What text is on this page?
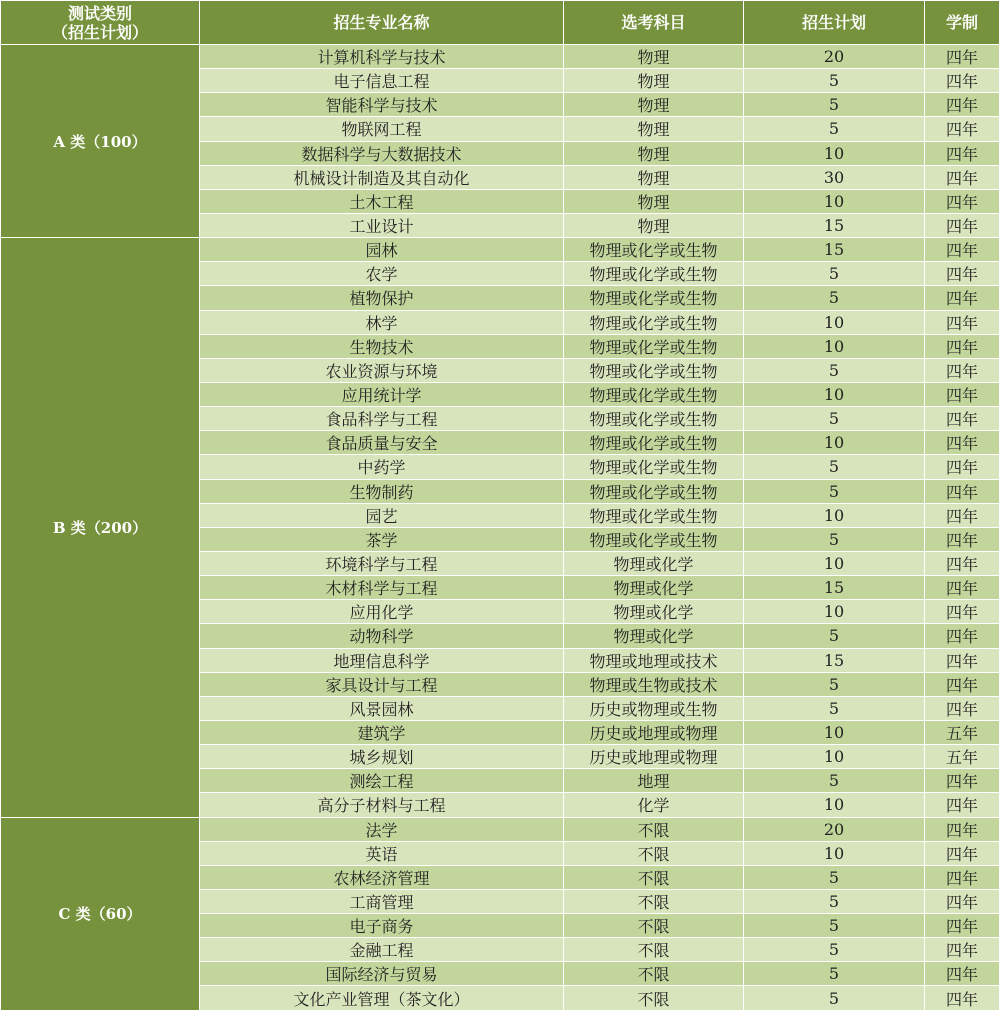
测试类别
（招生计划）	招生专业名称	选考科目	招生计划	学制
A 类（100）	计算机科学与技术	物理	20	四年
	电子信息工程	物理	5	四年
	智能科学与技术	物理	5	四年
	物联网工程	物理	5	四年
	数据科学与大数据技术	物理	10	四年
	机械设计制造及其自动化	物理	30	四年
	土木工程	物理	10	四年
	工业设计	物理	15	四年
B 类（200）	园林	物理或化学或生物	15	四年
	农学	物理或化学或生物	5	四年
	植物保护	物理或化学或生物	5	四年
	林学	物理或化学或生物	10	四年
	生物技术	物理或化学或生物	10	四年
	农业资源与环境	物理或化学或生物	5	四年
	应用统计学	物理或化学或生物	10	四年
	食品科学与工程	物理或化学或生物	5	四年
	食品质量与安全	物理或化学或生物	10	四年
	中药学	物理或化学或生物	5	四年
	生物制药	物理或化学或生物	5	四年
	园艺	物理或化学或生物	10	四年
	茶学	物理或化学或生物	5	四年
	环境科学与工程	物理或化学	10	四年
	木材科学与工程	物理或化学	15	四年
	应用化学	物理或化学	10	四年
	动物科学	物理或化学	5	四年
	地理信息科学	物理或地理或技术	15	四年
	家具设计与工程	物理或生物或技术	5	四年
	风景园林	历史或物理或生物	5	四年
	建筑学	历史或地理或物理	10	五年
	城乡规划	历史或地理或物理	10	五年
	测绘工程	地理	5	四年
	高分子材料与工程	化学	10	四年
C 类（60）	法学	不限	20	四年
	英语	不限	10	四年
	农林经济管理	不限	5	四年
	工商管理	不限	5	四年
	电子商务	不限	5	四年
	金融工程	不限	5	四年
	国际经济与贸易	不限	5	四年
	文化产业管理（茶文化）	不限	5	四年
